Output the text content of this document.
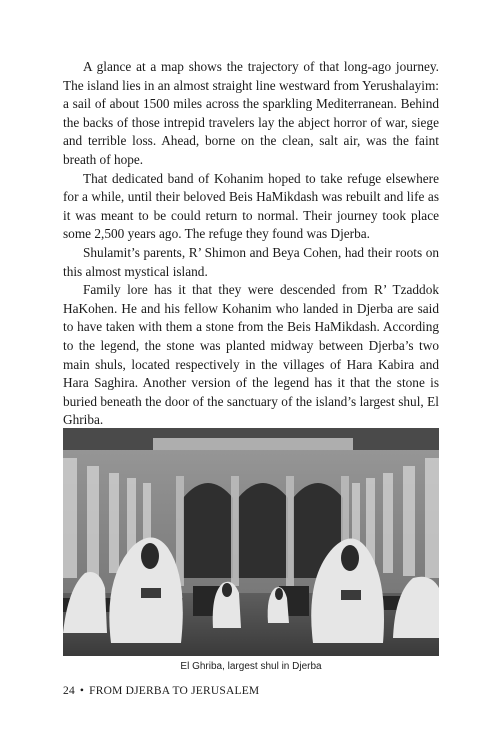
A glance at a map shows the trajectory of that long-ago journey. The island lies in an almost straight line westward from Yerushalayim: a sail of about 1500 miles across the sparkling Mediterranean. Behind the backs of those intrepid travelers lay the abject horror of war, siege and terrible loss. Ahead, borne on the clean, salt air, was the faint breath of hope.

That dedicated band of Kohanim hoped to take refuge elsewhere for a while, until their beloved Beis HaMikdash was rebuilt and life as it was meant to be could return to normal. Their journey took place some 2,500 years ago. The refuge they found was Djerba.

Shulamit’s parents, R’ Shimon and Beya Cohen, had their roots on this almost mystical island.

Family lore has it that they were descended from R’ Tzaddok HaKohen. He and his fellow Kohanim who landed in Djerba are said to have taken with them a stone from the Beis HaMikdash. According to the legend, the stone was planted midway between Djerba’s two main shuls, located respectively in the villages of Hara Kabira and Hara Saghira. Another version of the legend has it that the stone is buried beneath the door of the sanctuary of the island’s largest shul, El Ghriba.

El Ghriba, largest shul in Djerba
24 • FROM DJERBA TO JERUSALEM
